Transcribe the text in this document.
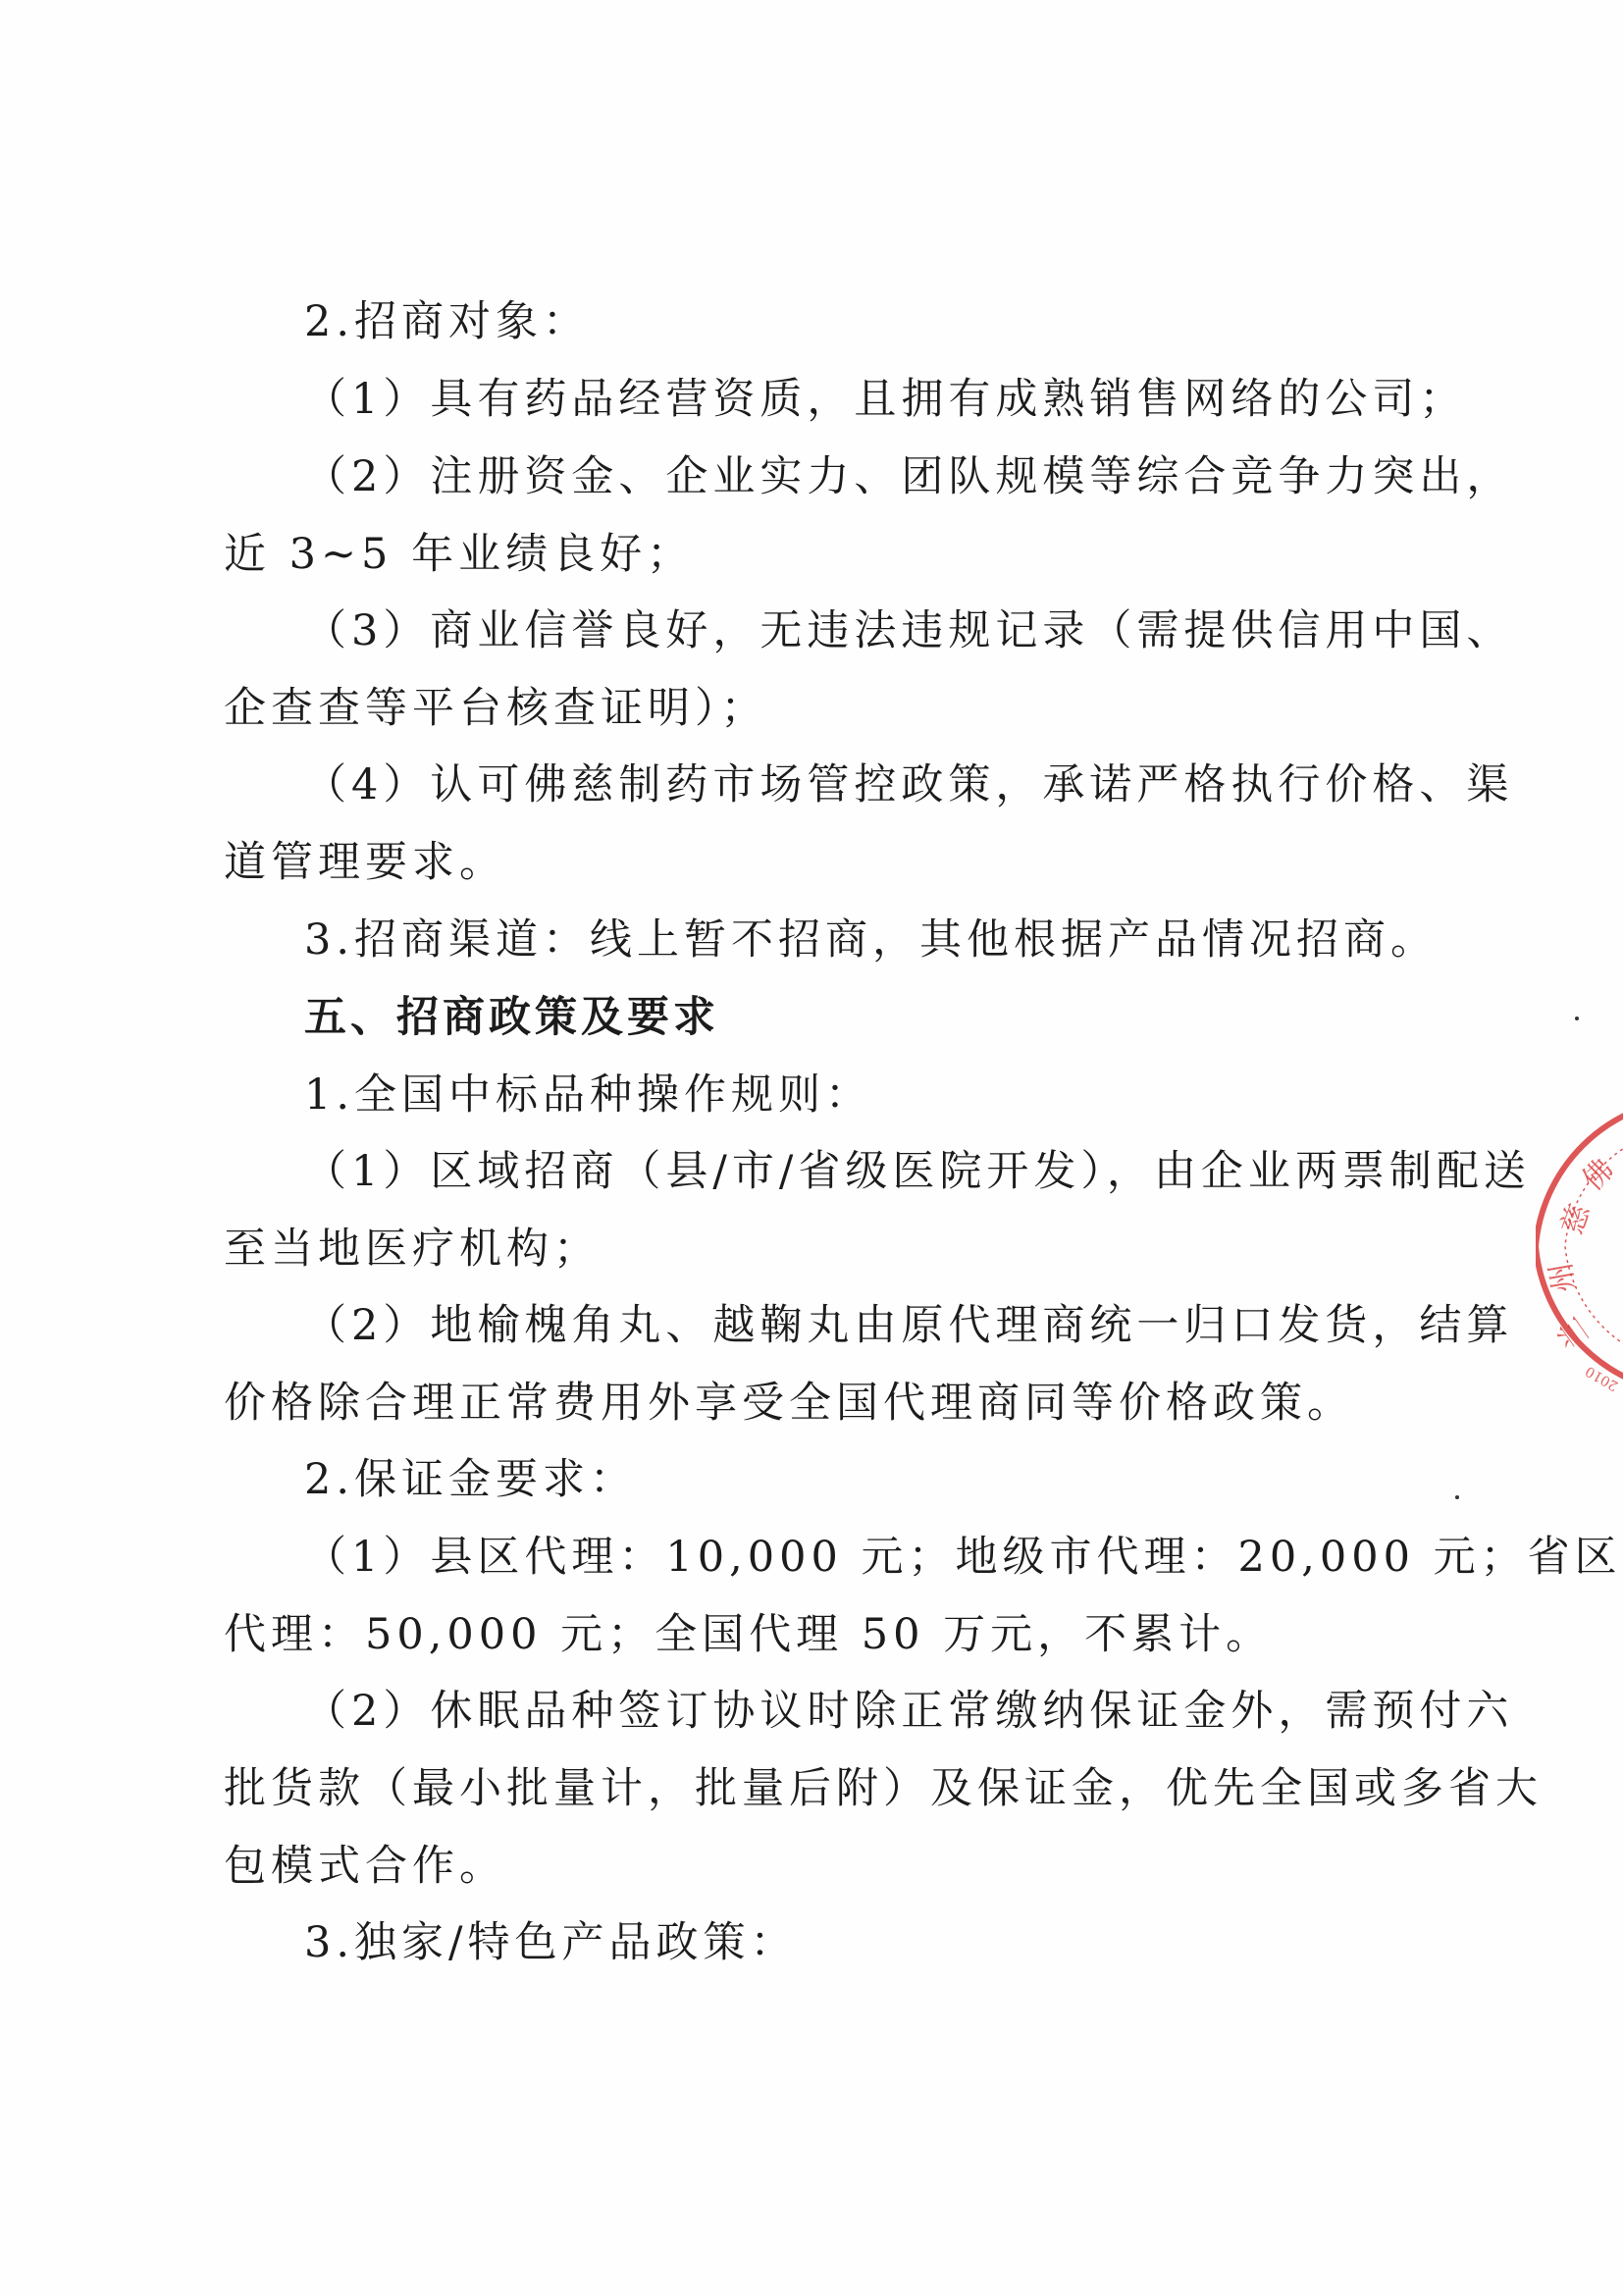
2.招商对象：
（1）具有药品经营资质，且拥有成熟销售网络的公司；
（2）注册资金、企业实力、团队规模等综合竞争力突出，
近 3~5 年业绩良好；
（3）商业信誉良好，无违法违规记录（需提供信用中国、
企查查等平台核查证明）；
（4）认可佛慈制药市场管控政策，承诺严格执行价格、渠
道管理要求。
3.招商渠道：线上暂不招商，其他根据产品情况招商。
五、招商政策及要求
1.全国中标品种操作规则：
（1）区域招商（县/市/省级医院开发），由企业两票制配送
至当地医疗机构；
（2）地榆槐角丸、越鞠丸由原代理商统一归口发货，结算
价格除合理正常费用外享受全国代理商同等价格政策。
2.保证金要求：
（1）县区代理：10,000 元；地级市代理：20,000 元；省区
代理：50,000 元；全国代理 50 万元，不累计。
（2）休眠品种签订协议时除正常缴纳保证金外，需预付六
批货款（最小批量计，批量后附）及保证金，优先全国或多省大
包模式合作。
3.独家/特色产品政策：
佛
慈
州
兰
2010
